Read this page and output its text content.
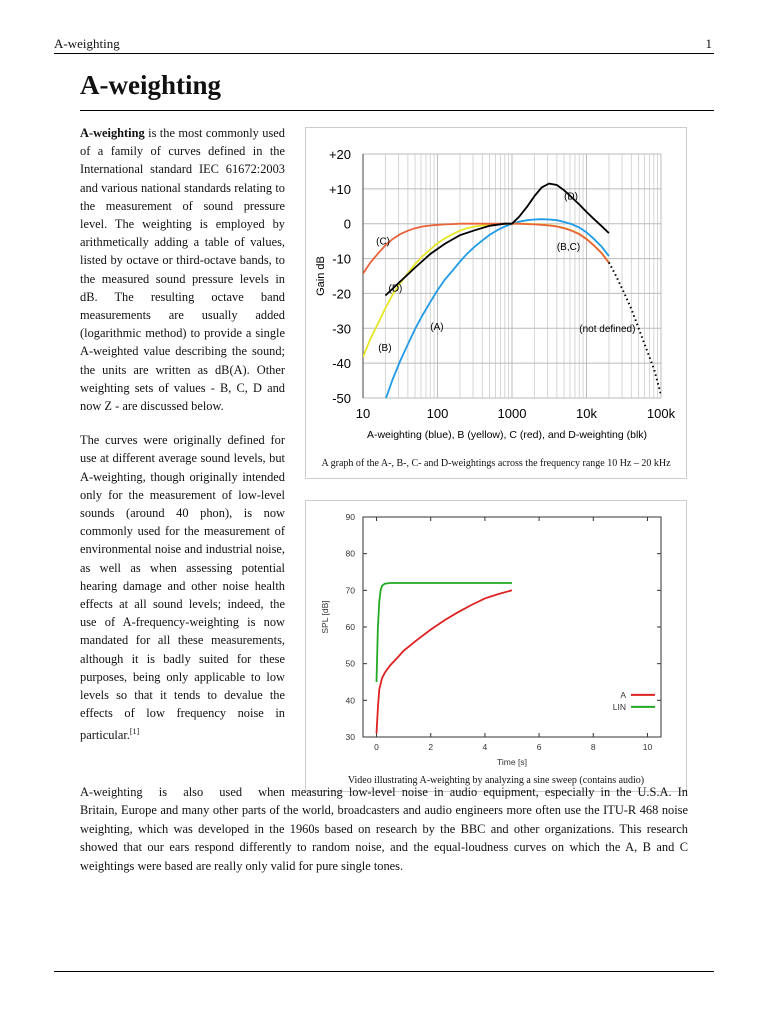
A-weighting	1
A-weighting

A-weighting is the most commonly used of a family of curves defined in the International standard IEC 61672:2003 and various national standards relating to the measurement of sound pressure level. The weighting is employed by arithmetically adding a table of values, listed by octave or third-octave bands, to the measured sound pressure levels in dB. The resulting octave band measurements are usually added (logarithmic method) to provide a single A-weighted value describing the sound; the units are written as dB(A). Other weighting sets of values - B, C, D and now Z - are discussed below.

The curves were originally defined for use at different average sound levels, but A-weighting, though originally intended only for the measurement of low-level sounds (around 40 phon), is now commonly used for the measurement of environmental noise and industrial noise, as well as when assessing potential hearing damage and other noise health effects at all sound levels; indeed, the use of A-frequency-weighting is now mandated for all these measurements, although it is badly suited for these purposes, being only applicable to low levels so that it tends to devalue the effects of low frequency noise in particular.[1]

+20
+10
0
-10
-20
-30
-40
-50
10	100	1000	10k	100k
Gain dB
A-weighting (blue), B (yellow), C (red), and D-weighting (blk)
(C)
(D)
(B)
(A)
(D)
(B,C)
(not defined)
A graph of the A-, B-, C- and D-weightings across the frequency range 10 Hz – 20 kHz
30
40
50
60
70
80
90
0	2	4	6	8	10
Time [s]
SPL [dB]
A
LIN
Video illustrating A-weighting by analyzing a sine sweep (contains audio)
A-weighting is also used when measuring low-level noise in audio equipment, especially in the U.S.A. In Britain, Europe and many other parts of the world, broadcasters and audio engineers more often use the ITU-R 468 noise weighting, which was developed in the 1960s based on research by the BBC and other organizations. This research showed that our ears respond differently to random noise, and the equal-loudness curves on which the A, B and C weightings were based are really only valid for pure single tones.
